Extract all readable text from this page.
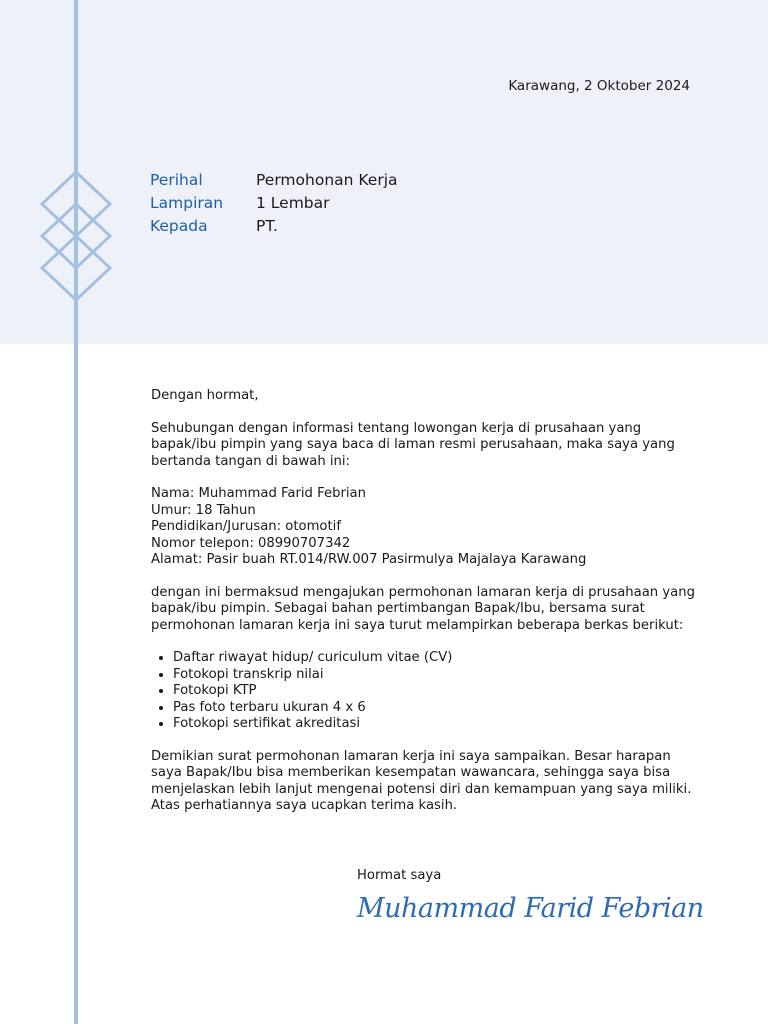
Karawang, 2 Oktober 2024
Perihal	Permohonan Kerja
Lampiran	1 Lembar
Kepada	PT.

Dengan hormat,

Sehubungan dengan informasi tentang lowongan kerja di prusahaan yang bapak/ibu pimpin yang saya baca di laman resmi perusahaan, maka saya yang bertanda tangan di bawah ini:

Nama: Muhammad Farid Febrian

Umur: 18 Tahun

Pendidikan/Jurusan: otomotif

Nomor telepon: 08990707342

Alamat: Pasir buah RT.014/RW.007 Pasirmulya Majalaya Karawang

dengan ini bermaksud mengajukan permohonan lamaran kerja di prusahaan yang bapak/ibu pimpin. Sebagai bahan pertimbangan Bapak/Ibu, bersama surat permohonan lamaran kerja ini saya turut melampirkan beberapa berkas berikut:

• Daftar riwayat hidup/ curiculum vitae (CV)
• Fotokopi transkrip nilai
• Fotokopi KTP
• Pas foto terbaru ukuran 4 x 6
• Fotokopi sertifikat akreditasi

Demikian surat permohonan lamaran kerja ini saya sampaikan. Besar harapan saya Bapak/Ibu bisa memberikan kesempatan wawancara, sehingga saya bisa menjelaskan lebih lanjut mengenai potensi diri dan kemampuan yang saya miliki. Atas perhatiannya saya ucapkan terima kasih.

Hormat saya
Muhammad Farid Febrian
